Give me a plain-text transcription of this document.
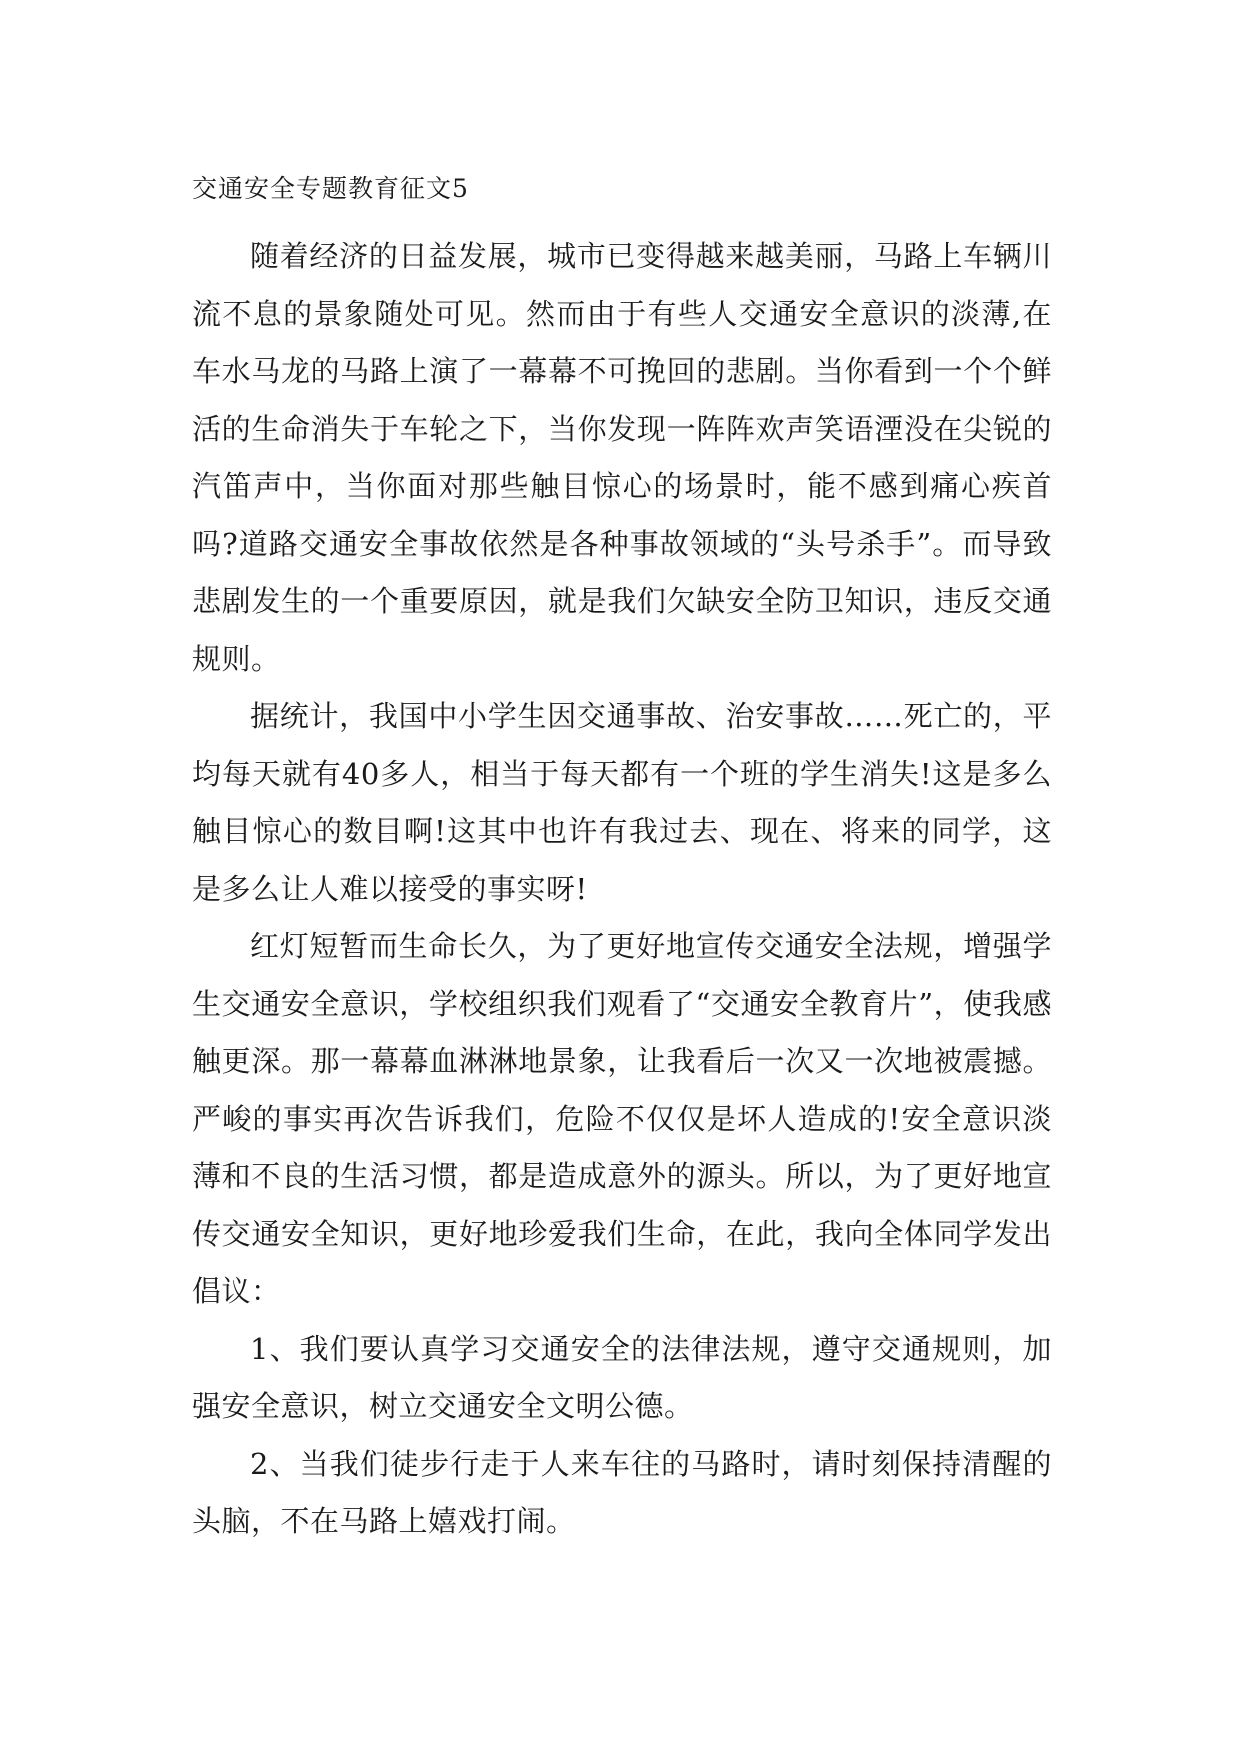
交通安全专题教育征文5

随着经济的日益发展，城市已变得越来越美丽，马路上车辆川流不息的景象随处可见。然而由于有些人交通安全意识的淡薄,在车水马龙的马路上演了一幕幕不可挽回的悲剧。当你看到一个个鲜活的生命消失于车轮之下，当你发现一阵阵欢声笑语湮没在尖锐的汽笛声中，当你面对那些触目惊心的场景时，能不感到痛心疾首吗?道路交通安全事故依然是各种事故领域的“头号杀手”。而导致悲剧发生的一个重要原因，就是我们欠缺安全防卫知识，违反交通规则。

据统计，我国中小学生因交通事故、治安事故……死亡的，平均每天就有40多人，相当于每天都有一个班的学生消失!这是多么触目惊心的数目啊!这其中也许有我过去、现在、将来的同学，这是多么让人难以接受的事实呀!

红灯短暂而生命长久，为了更好地宣传交通安全法规，增强学生交通安全意识，学校组织我们观看了“交通安全教育片”，使我感触更深。那一幕幕血淋淋地景象，让我看后一次又一次地被震撼。严峻的事实再次告诉我们，危险不仅仅是坏人造成的!安全意识淡薄和不良的生活习惯，都是造成意外的源头。所以，为了更好地宣传交通安全知识，更好地珍爱我们生命，在此，我向全体同学发出倡议：

1、我们要认真学习交通安全的法律法规，遵守交通规则，加强安全意识，树立交通安全文明公德。

2、当我们徒步行走于人来车往的马路时，请时刻保持清醒的头脑，不在马路上嬉戏打闹。
